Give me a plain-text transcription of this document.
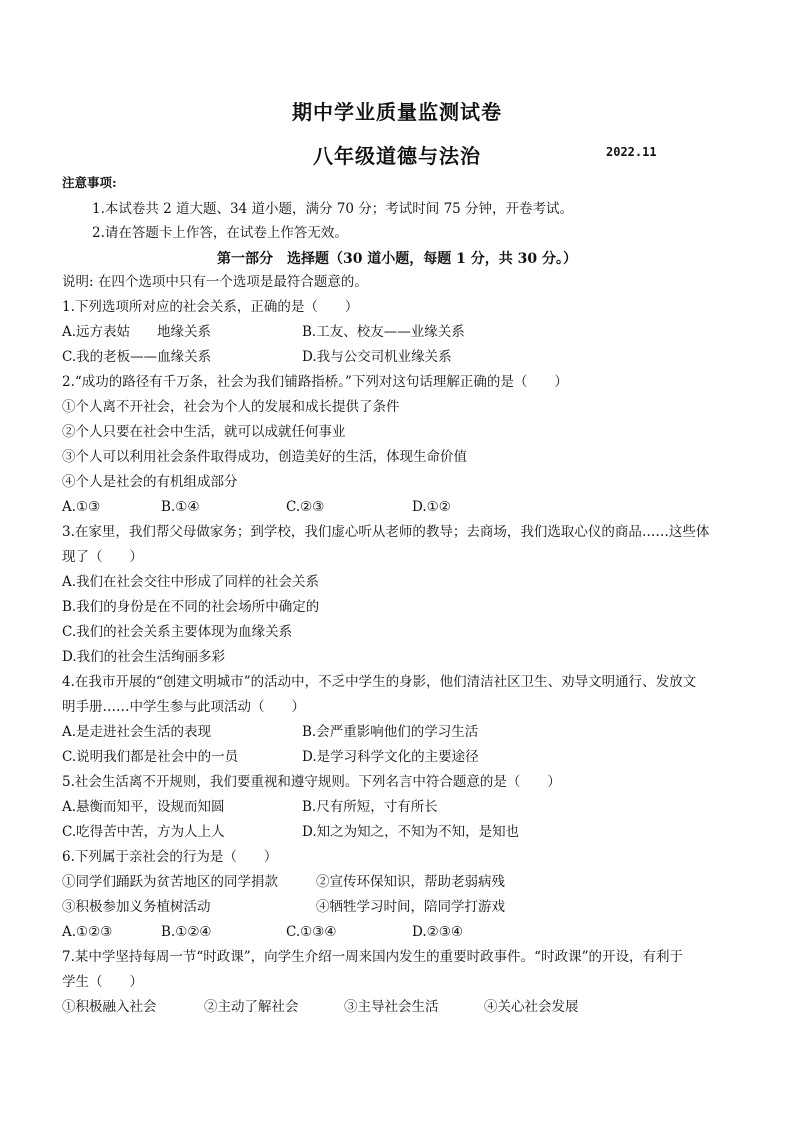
期中学业质量监测试卷
八年级道德与法治	2022.11
注意事项:
1.本试卷共 2 道大题、34 道小题，满分 70 分；考试时间 75 分钟，开卷考试。
2.请在答题卡上作答，在试卷上作答无效。
第一部分　选择题（30 道小题，每题 1 分，共 30 分。）
说明: 在四个选项中只有一个选项是最符合题意的。
1.下列选项所对应的社会关系，正确的是（　　）
A.远方表姑　　地缘关系	B.工友、校友——业缘关系
C.我的老板——血缘关系	D.我与公交司机业缘关系
2.“成功的路径有千万条，社会为我们铺路指桥。”下列对这句话理解正确的是（　　）
①个人离不开社会，社会为个人的发展和成长提供了条件
②个人只要在社会中生活，就可以成就任何事业
③个人可以利用社会条件取得成功，创造美好的生活，体现生命价值
④个人是社会的有机组成部分
A.①③	B.①④	C.②③	D.①②
3.在家里，我们帮父母做家务；到学校，我们虚心听从老师的教导；去商场，我们选取心仪的商品……这些体
现了（　　）
A.我们在社会交往中形成了同样的社会关系
B.我们的身份是在不同的社会场所中确定的
C.我们的社会关系主要体现为血缘关系
D.我们的社会生活绚丽多彩
4.在我市开展的“创建文明城市”的活动中，不乏中学生的身影，他们清洁社区卫生、劝导文明通行、发放文
明手册……中学生参与此项活动（　　）
A.是走进社会生活的表现	B.会严重影响他们的学习生活
C.说明我们都是社会中的一员	D.是学习科学文化的主要途径
5.社会生活离不开规则，我们要重视和遵守规则。下列名言中符合题意的是（　　）
A.悬衡而知平，设规而知圆	B.尺有所短，寸有所长
C.吃得苦中苦，方为人上人	D.知之为知之，不知为不知，是知也
6.下列属于亲社会的行为是（　　）
①同学们踊跃为贫苦地区的同学捐款	②宣传环保知识，帮助老弱病残
③积极参加义务植树活动	④牺牲学习时间，陪同学打游戏
A.①②③	B.①②④	C.①③④	D.②③④
7.某中学坚持每周一节“时政课”，向学生介绍一周来国内发生的重要时政事件。“时政课”的开设，有利于
学生（　　）
①积极融入社会	②主动了解社会	③主导社会生活	④关心社会发展
